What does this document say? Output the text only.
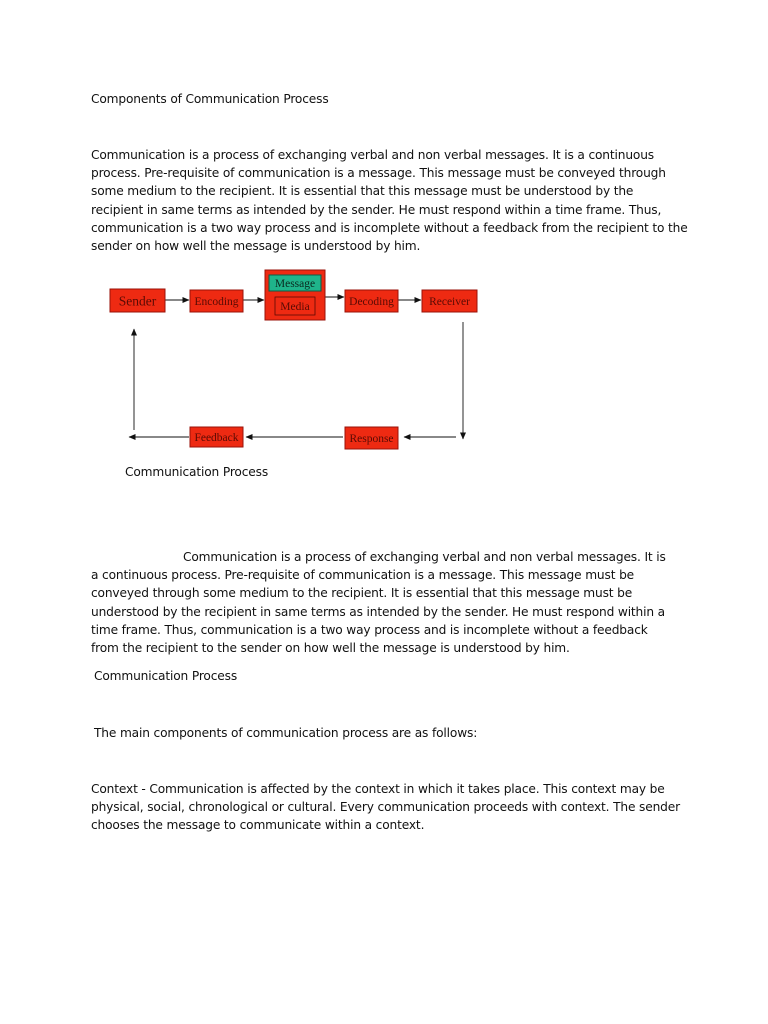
Components of Communication Process
Communication is a process of exchanging verbal and non verbal messages. It is a continuous process. Pre-requisite of communication is a message. This message must be conveyed through some medium to the recipient. It is essential that this message must be understood by the recipient in same terms as intended by the sender. He must respond within a time frame. Thus, communication is a two way process and is incomplete without a feedback from the recipient to the sender on how well the message is understood by him.
Sender	Encoding
Message
Media	Decoding	Receiver
Response
Feedback
Communication Process
Communication is a process of exchanging verbal and non verbal messages. It is a continuous process. Pre-requisite of communication is a message. This message must be conveyed through some medium to the recipient. It is essential that this message must be understood by the recipient in same terms as intended by the sender. He must respond within a time frame. Thus, communication is a two way process and is incomplete without a feedback from the recipient to the sender on how well the message is understood by him.
Communication Process
The main components of communication process are as follows:
Context - Communication is affected by the context in which it takes place. This context may be physical, social, chronological or cultural. Every communication proceeds with context. The sender chooses the message to communicate within a context.
